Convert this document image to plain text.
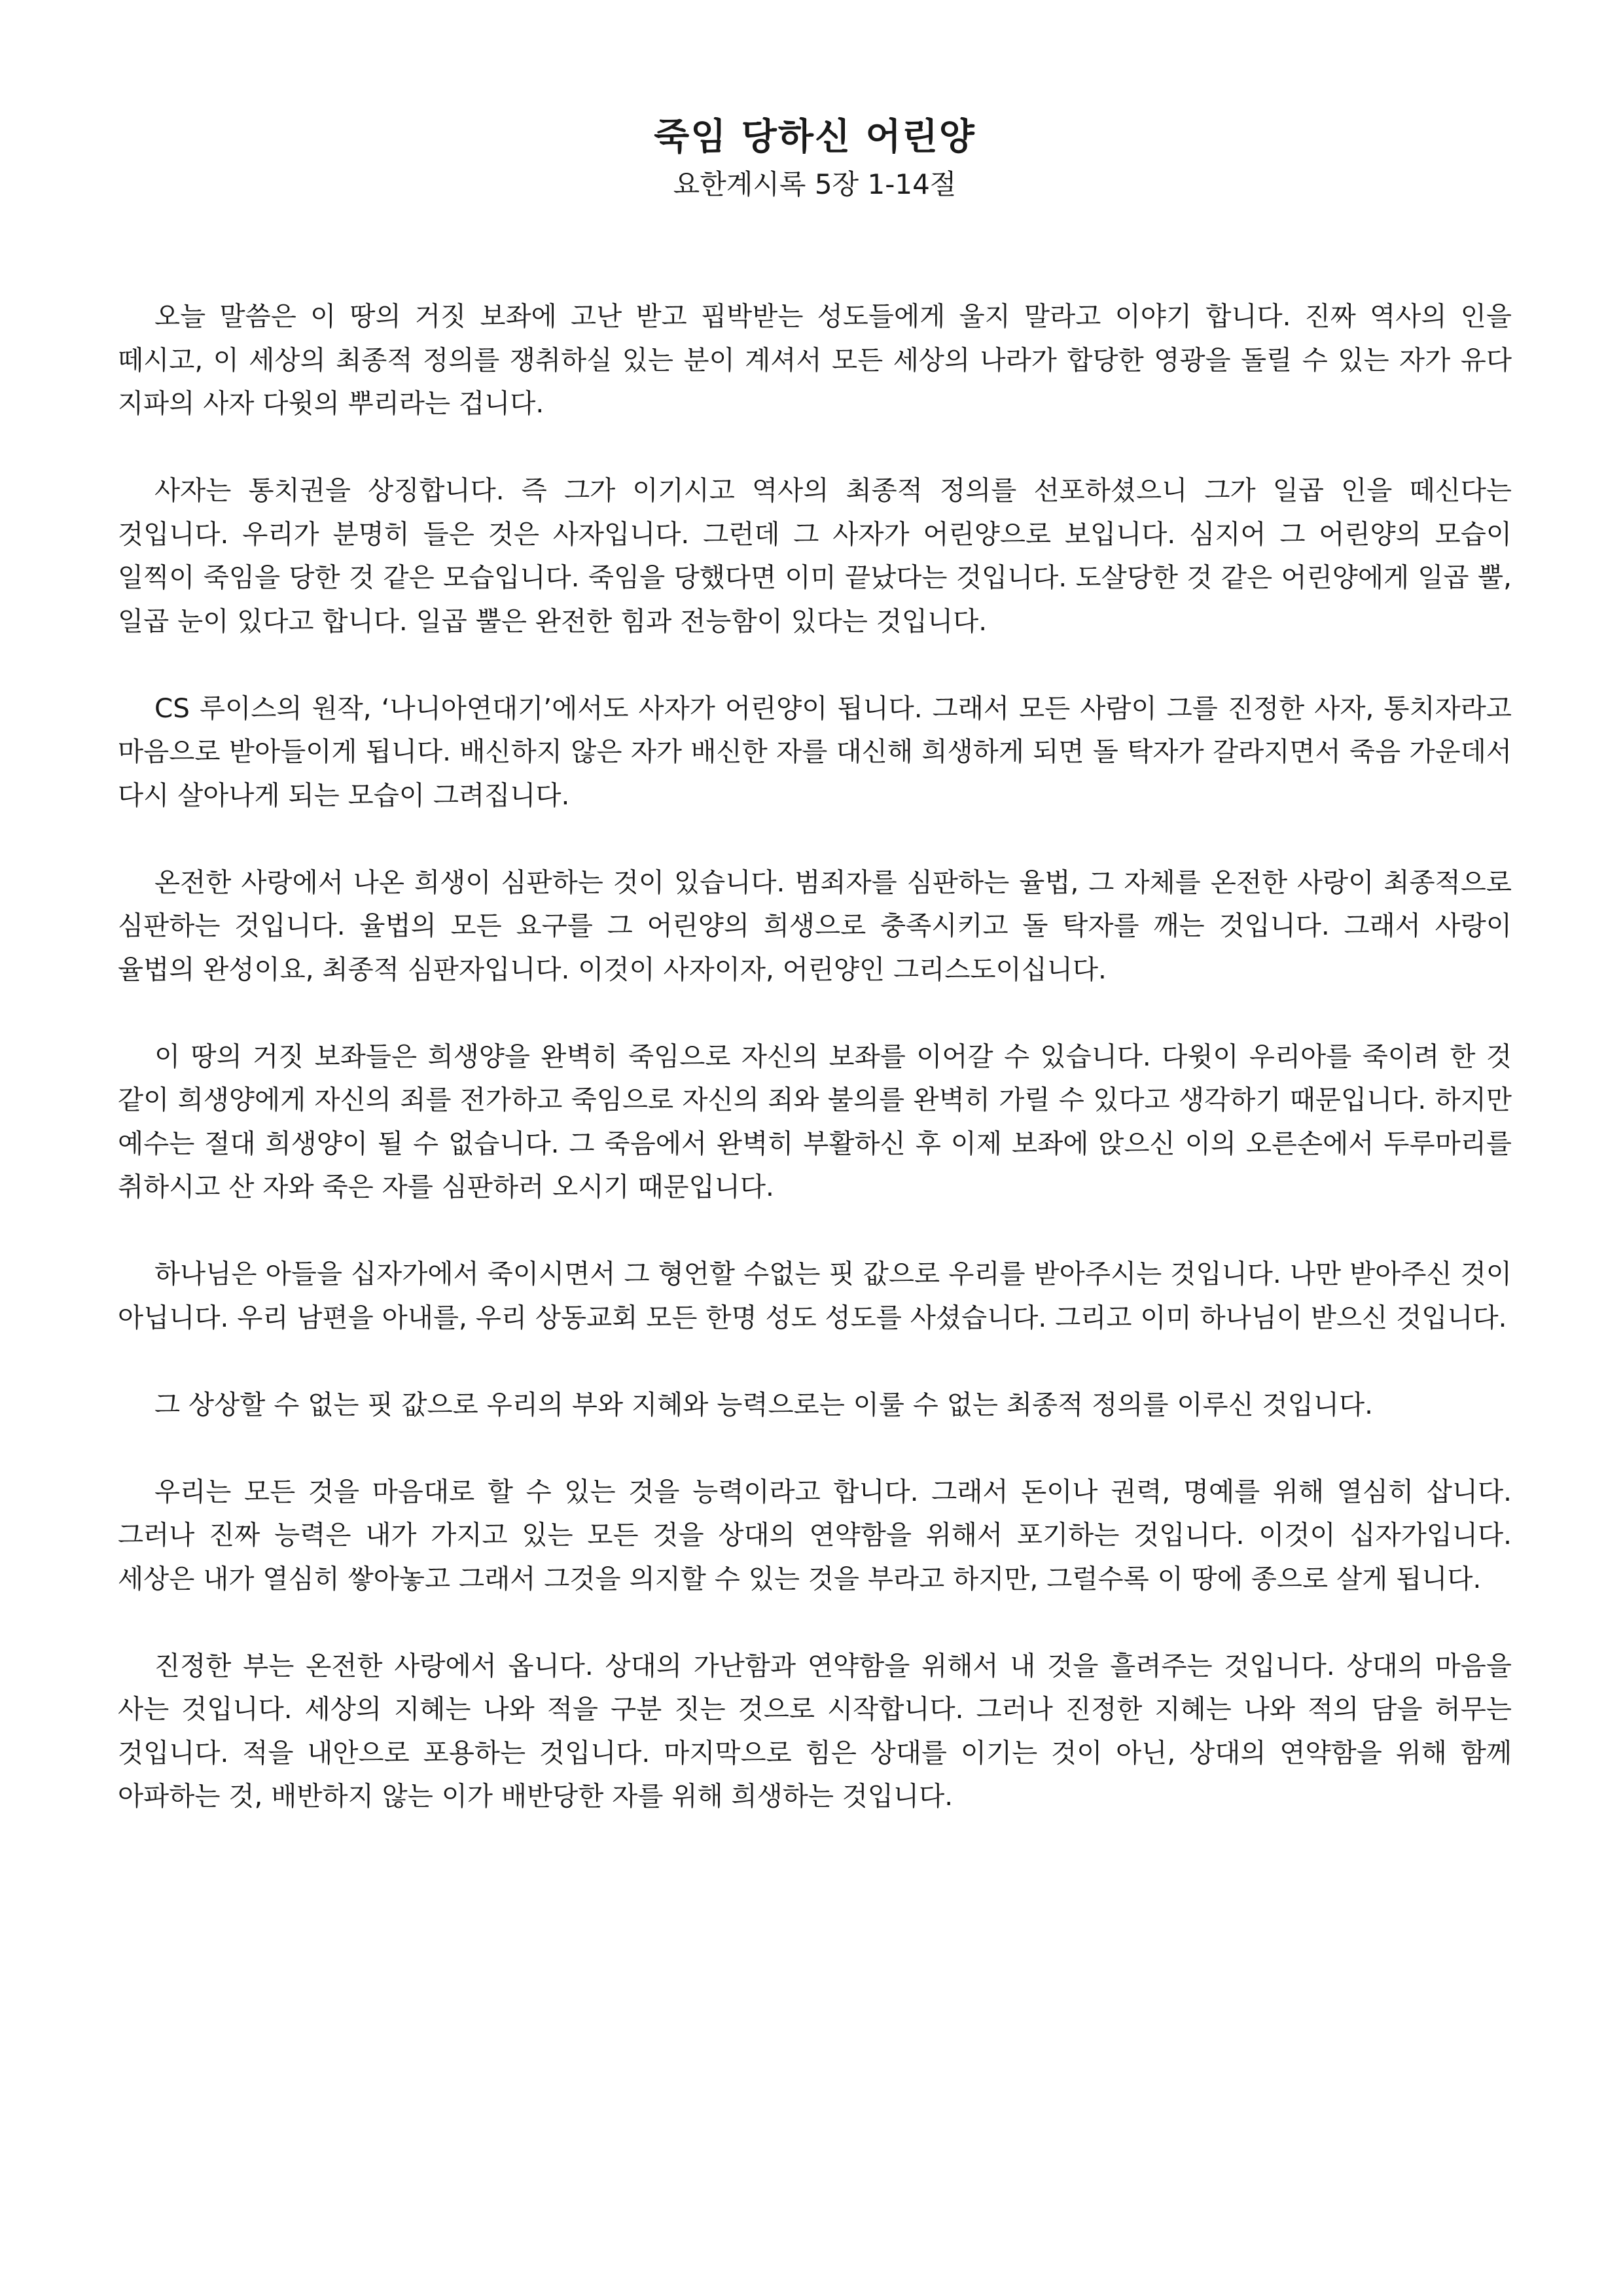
죽임 당하신 어린양
요한계시록 5장 1-14절

오늘 말씀은 이 땅의 거짓 보좌에 고난 받고 핍박받는 성도들에게 울지 말라고 이야기 합니다. 진짜 역사의 인을 떼시고, 이 세상의 최종적 정의를 쟁취하실 있는 분이 계셔서 모든 세상의 나라가 합당한 영광을 돌릴 수 있는 자가 유다 지파의 사자 다윗의 뿌리라는 겁니다.

사자는 통치권을 상징합니다. 즉 그가 이기시고 역사의 최종적 정의를 선포하셨으니 그가 일곱 인을 떼신다는 것입니다. 우리가 분명히 들은 것은 사자입니다. 그런데 그 사자가 어린양으로 보입니다. 심지어 그 어린양의 모습이 일찍이 죽임을 당한 것 같은 모습입니다. 죽임을 당했다면 이미 끝났다는 것입니다. 도살당한 것 같은 어린양에게 일곱 뿔, 일곱 눈이 있다고 합니다. 일곱 뿔은 완전한 힘과 전능함이 있다는 것입니다.

CS 루이스의 원작, ‘나니아연대기’에서도 사자가 어린양이 됩니다. 그래서 모든 사람이 그를 진정한 사자, 통치자라고 마음으로 받아들이게 됩니다. 배신하지 않은 자가 배신한 자를 대신해 희생하게 되면 돌 탁자가 갈라지면서 죽음 가운데서 다시 살아나게 되는 모습이 그려집니다.

온전한 사랑에서 나온 희생이 심판하는 것이 있습니다. 범죄자를 심판하는 율법, 그 자체를 온전한 사랑이 최종적으로 심판하는 것입니다. 율법의 모든 요구를 그 어린양의 희생으로 충족시키고 돌 탁자를 깨는 것입니다. 그래서 사랑이 율법의 완성이요, 최종적 심판자입니다. 이것이 사자이자, 어린양인 그리스도이십니다.

이 땅의 거짓 보좌들은 희생양을 완벽히 죽임으로 자신의 보좌를 이어갈 수 있습니다. 다윗이 우리아를 죽이려 한 것 같이 희생양에게 자신의 죄를 전가하고 죽임으로 자신의 죄와 불의를 완벽히 가릴 수 있다고 생각하기 때문입니다. 하지만 예수는 절대 희생양이 될 수 없습니다. 그 죽음에서 완벽히 부활하신 후 이제 보좌에 앉으신 이의 오른손에서 두루마리를 취하시고 산 자와 죽은 자를 심판하러 오시기 때문입니다.

하나님은 아들을 십자가에서 죽이시면서 그 형언할 수없는 핏 값으로 우리를 받아주시는 것입니다. 나만 받아주신 것이 아닙니다. 우리 남편을 아내를, 우리 상동교회 모든 한명 성도 성도를 사셨습니다. 그리고 이미 하나님이 받으신 것입니다.

그 상상할 수 없는 핏 값으로 우리의 부와 지혜와 능력으로는 이룰 수 없는 최종적 정의를 이루신 것입니다.

우리는 모든 것을 마음대로 할 수 있는 것을 능력이라고 합니다. 그래서 돈이나 권력, 명예를 위해 열심히 삽니다. 그러나 진짜 능력은 내가 가지고 있는 모든 것을 상대의 연약함을 위해서 포기하는 것입니다. 이것이 십자가입니다. 세상은 내가 열심히 쌓아놓고 그래서 그것을 의지할 수 있는 것을 부라고 하지만, 그럴수록 이 땅에 종으로 살게 됩니다.

진정한 부는 온전한 사랑에서 옵니다. 상대의 가난함과 연약함을 위해서 내 것을 흘려주는 것입니다. 상대의 마음을 사는 것입니다. 세상의 지혜는 나와 적을 구분 짓는 것으로 시작합니다. 그러나 진정한 지혜는 나와 적의 담을 허무는 것입니다. 적을 내안으로 포용하는 것입니다. 마지막으로 힘은 상대를 이기는 것이 아닌, 상대의 연약함을 위해 함께 아파하는 것, 배반하지 않는 이가 배반당한 자를 위해 희생하는 것입니다.
